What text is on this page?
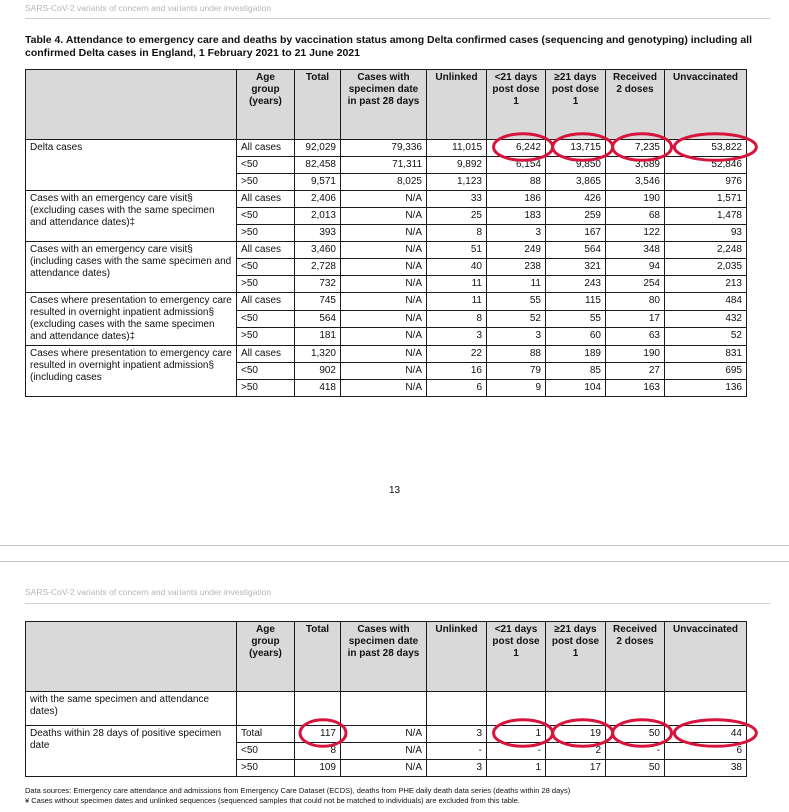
SARS-CoV-2 variants of concern and variants under investigation

Table 4. Attendance to emergency care and deaths by vaccination status among Delta confirmed cases (sequencing and genotyping) including all confirmed Delta cases in England, 1 February 2021 to 21 June 2021

	Age group (years)	Total	Cases with specimen date in past 28 days	Unlinked	<21 days post dose 1	≥21 days post dose 1	Received 2 doses	Unvaccinated
Delta cases	All cases	92,029	79,336	11,015	6,242	13,715	7,235	53,822
	<50	82,458	71,311	9,892	6,154	9,850	3,689	52,846
	>50	9,571	8,025	1,123	88	3,865	3,546	976
Cases with an emergency care visit§ (excluding cases with the same specimen and attendance dates)‡	All cases	2,406	N/A	33	186	426	190	1,571
	<50	2,013	N/A	25	183	259	68	1,478
	>50	393	N/A	8	3	167	122	93
Cases with an emergency care visit§ (including cases with the same specimen and attendance dates)	All cases	3,460	N/A	51	249	564	348	2,248
	<50	2,728	N/A	40	238	321	94	2,035
	>50	732	N/A	11	11	243	254	213
Cases where presentation to emergency care resulted in overnight inpatient admission§ (excluding cases with the same specimen and attendance dates)‡	All cases	745	N/A	11	55	115	80	484
	<50	564	N/A	8	52	55	17	432
	>50	181	N/A	3	3	60	63	52
Cases where presentation to emergency care resulted in overnight inpatient admission§ (including cases	All cases	1,320	N/A	22	88	189	190	831
	<50	902	N/A	16	79	85	27	695
	>50	418	N/A	6	9	104	163	136
13
SARS-CoV-2 variants of concern and variants under investigation
	Age group (years)	Total	Cases with specimen date in past 28 days	Unlinked	<21 days post dose 1	≥21 days post dose 1	Received 2 doses	Unvaccinated
with the same specimen and attendance dates)								
Deaths within 28 days of positive specimen date	Total	117	N/A	3	1	19	50	44
	<50	8	N/A	-	-	2	-	6
	>50	109	N/A	3	1	17	50	38

Data sources: Emergency care attendance and admissions from Emergency Care Dataset (ECDS), deaths from PHE daily death data series (deaths within 28 days)

¥ Cases without specimen dates and unlinked sequences (sequenced samples that could not be matched to individuals) are excluded from this table.
